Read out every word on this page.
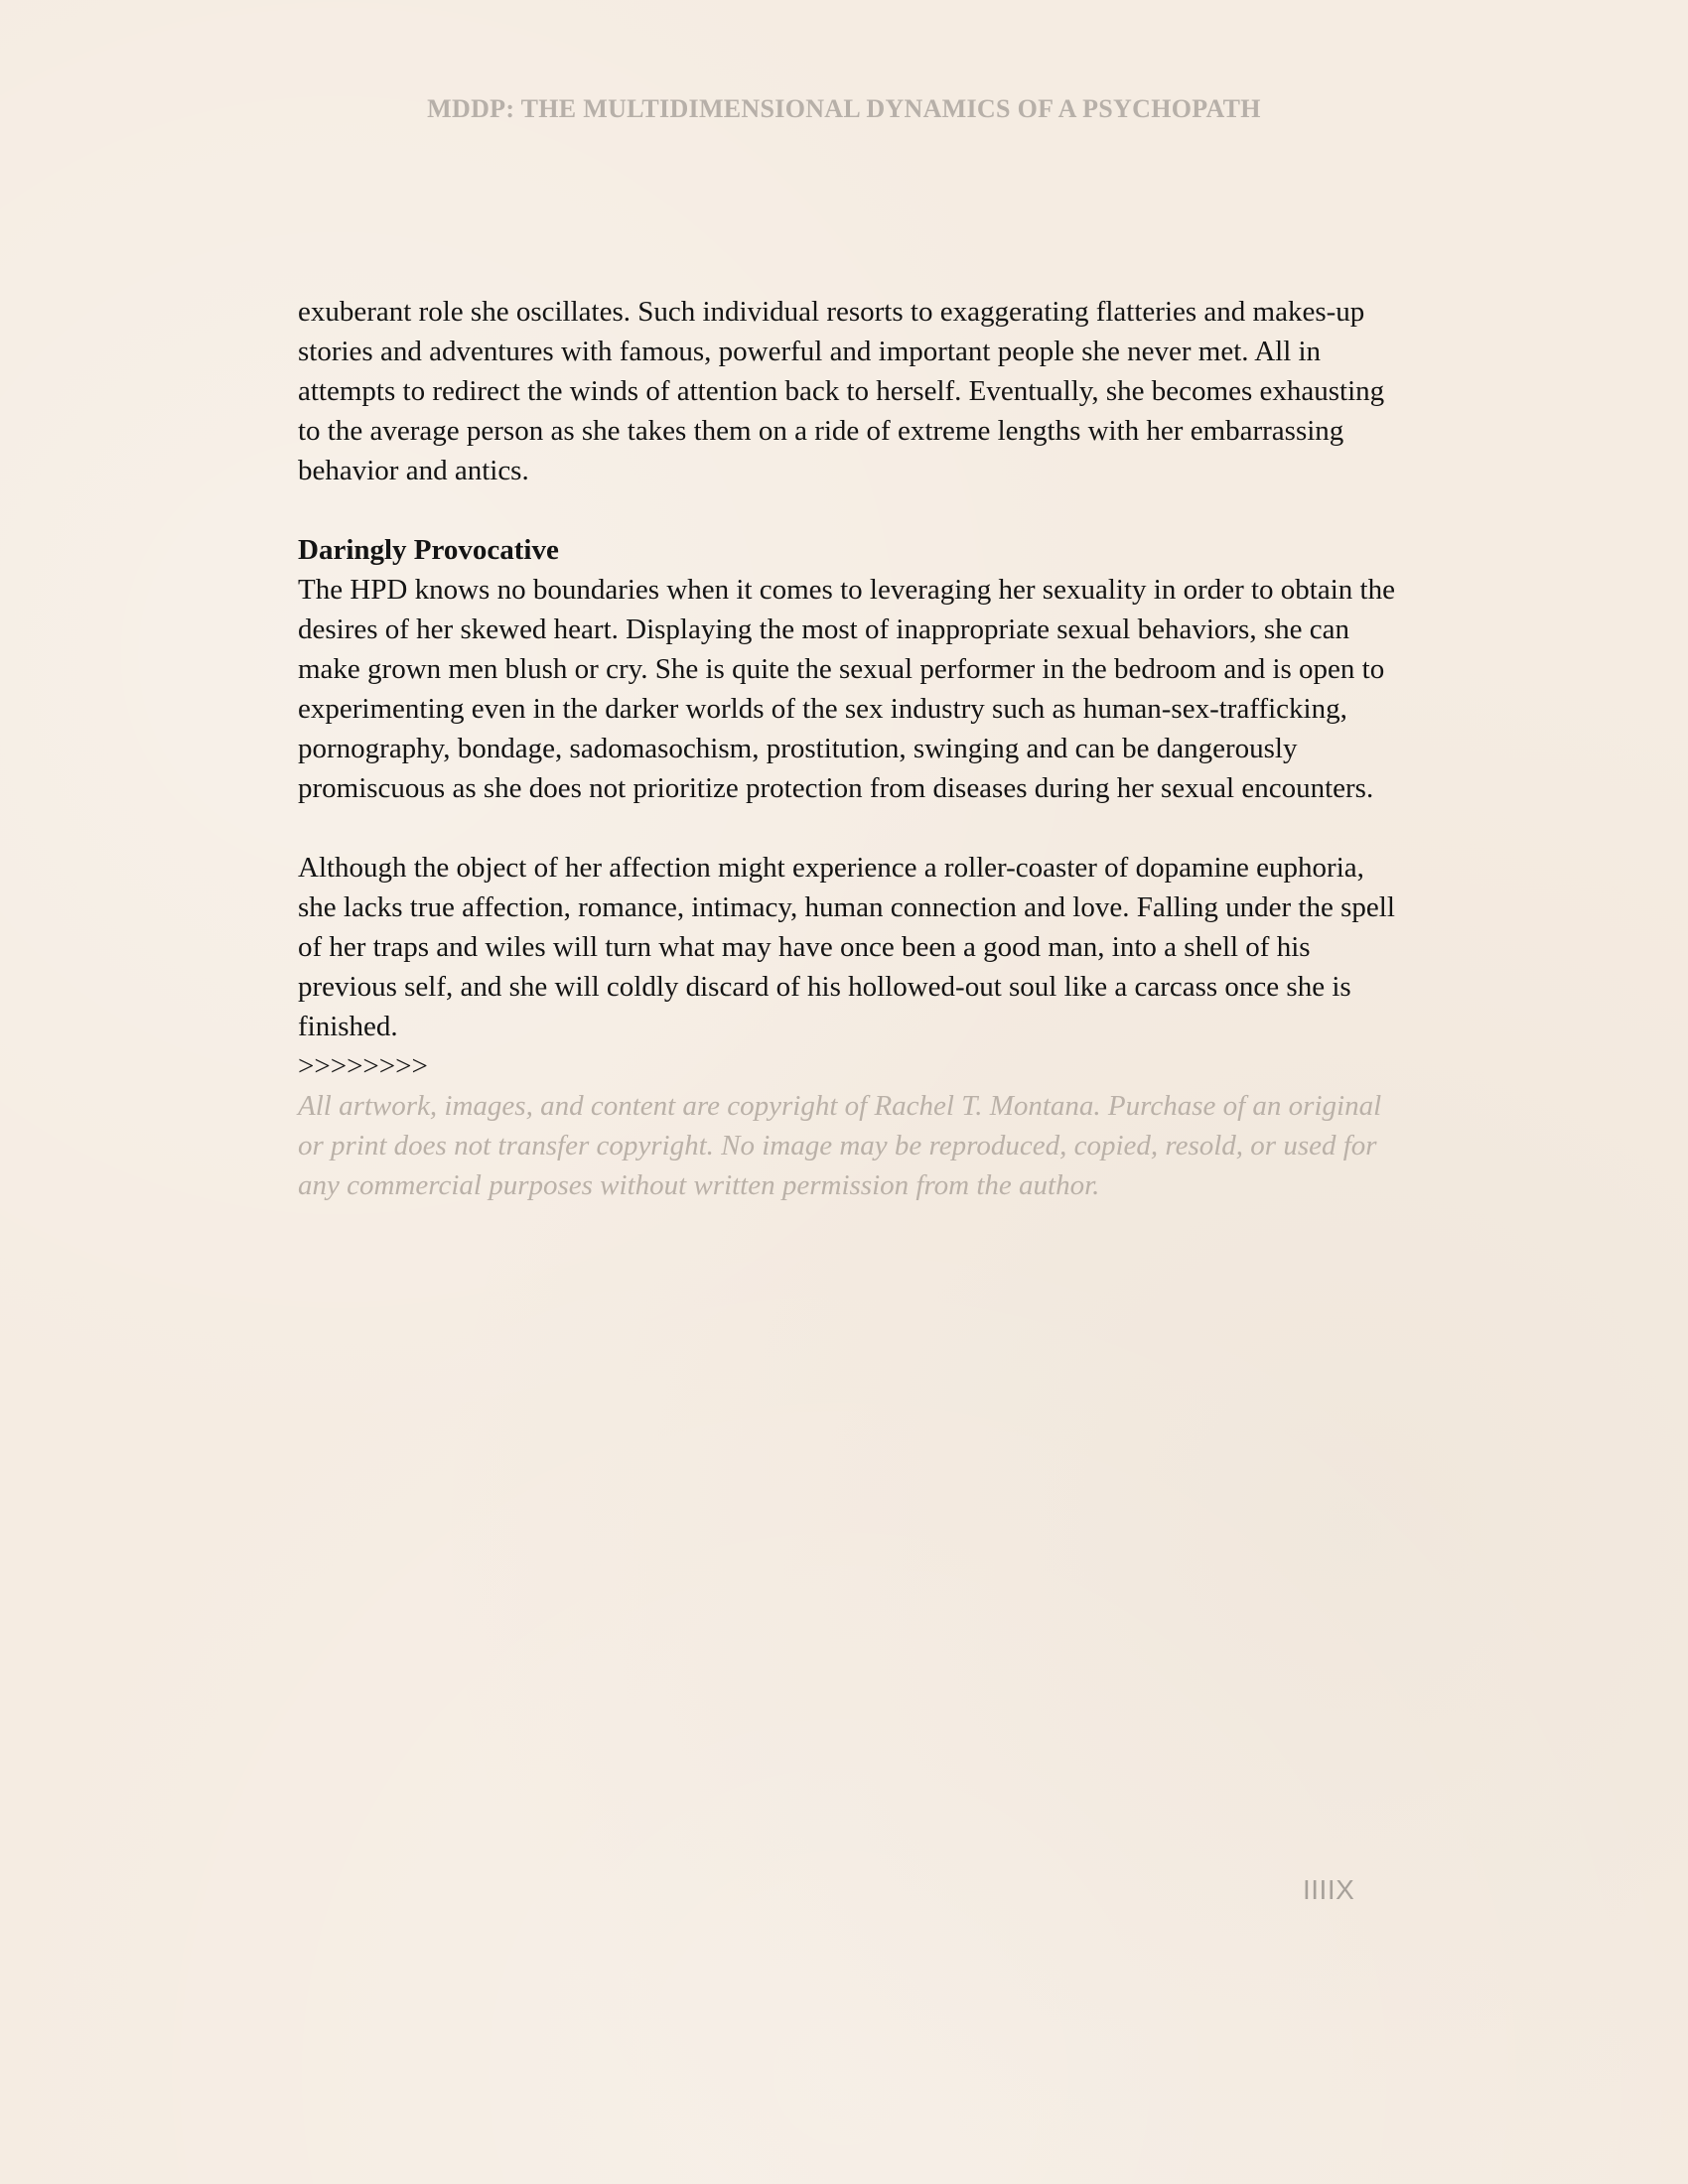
MDDP: THE MULTIDIMENSIONAL DYNAMICS OF A PSYCHOPATH

exuberant role she oscillates. Such individual resorts to exaggerating flatteries and makes-up stories and adventures with famous, powerful and important people she never met. All in attempts to redirect the winds of attention back to herself. Eventually, she becomes exhausting to the average person as she takes them on a ride of extreme lengths with her embarrassing behavior and antics.

Daringly Provocative

The HPD knows no boundaries when it comes to leveraging her sexuality in order to obtain the desires of her skewed heart. Displaying the most of inappropriate sexual behaviors, she can make grown men blush or cry. She is quite the sexual performer in the bedroom and is open to experimenting even in the darker worlds of the sex industry such as human-sex-trafficking, pornography, bondage, sadomasochism, prostitution, swinging and can be dangerously promiscuous as she does not prioritize protection from diseases during her sexual encounters.

Although the object of her affection might experience a roller-coaster of dopamine euphoria, she lacks true affection, romance, intimacy, human connection and love. Falling under the spell of her traps and wiles will turn what may have once been a good man, into a shell of his previous self, and she will coldly discard of his hollowed-out soul like a carcass once she is finished.

>>>>>>>>

All artwork, images, and content are copyright of Rachel T. Montana. Purchase of an original or print does not transfer copyright. No image may be reproduced, copied, resold, or used for any commercial purposes without written permission from the author.

IIIIX
